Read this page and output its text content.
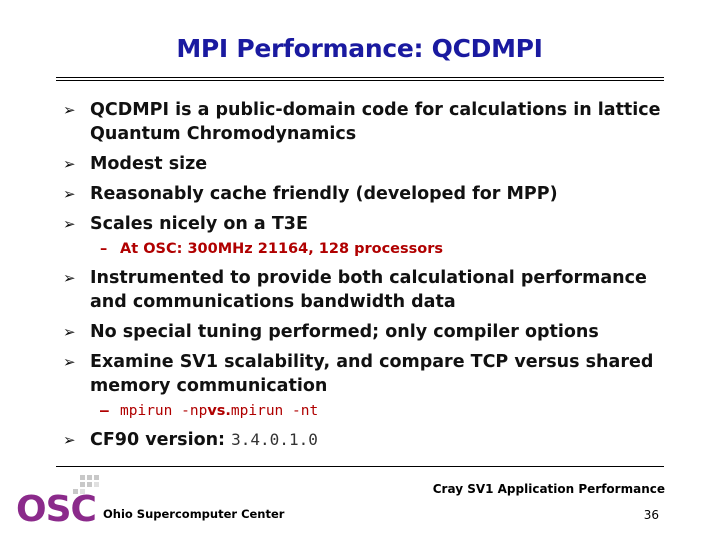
MPI Performance: QCDMPI
➢ QCDMPI is a public-domain code for calculations in lattice Quantum Chromodynamics
➢ Modest size
➢ Reasonably cache friendly (developed for MPP)
➢ Scales nicely on a T3E
– At OSC: 300MHz 21164, 128 processors
➢ Instrumented to provide both calculational performance and communications bandwidth data
➢ No special tuning performed; only compiler options
➢ Examine SV1 scalability, and compare TCP versus shared memory communication
– mpirun -npvs.mpirun -nt
➢ CF90 version: 3.4.0.1.0
OSC	Cray SV1 Application Performance
Ohio Supercomputer Center	36
